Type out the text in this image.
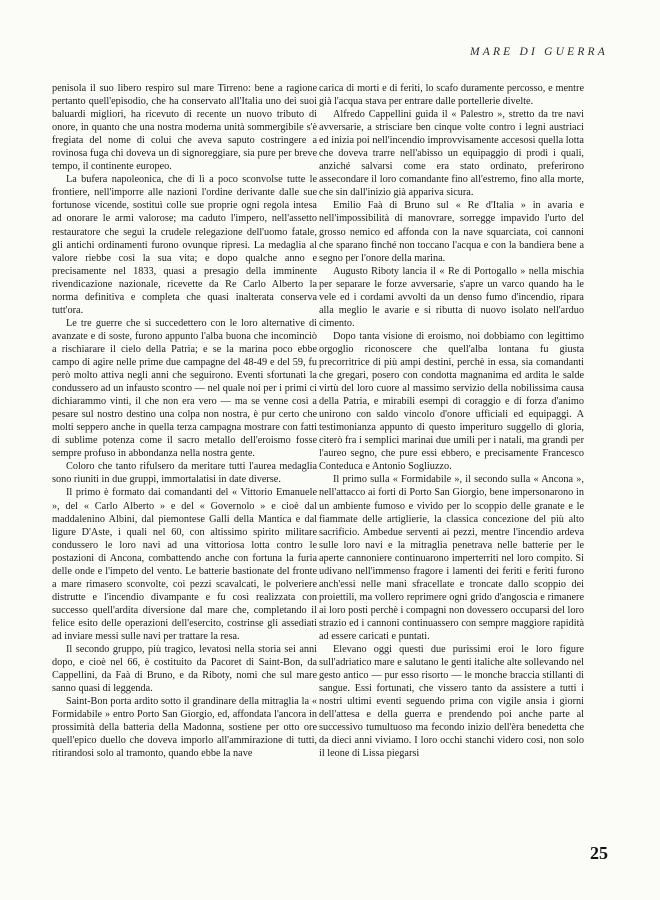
MARE DI GUERRA

penisola il suo libero respiro sul mare Tirreno: bene a ragione pertanto quell'episodio, che ha conservato all'Italia uno dei suoi baluardi migliori, ha ricevuto di recente un nuovo tributo di onore, in quanto che una nostra moderna unità sommergibile s'è fregiata del nome di colui che aveva saputo costringere a rovinosa fuga chi doveva un dì signoreggiare, sia pure per breve tempo, il continente europeo.

La bufera napoleonica, che di lì a poco sconvolse tutte le frontiere, nell'imporre alle nazioni l'ordine derivante dalle sue fortunose vicende, sostituì colle sue proprie ogni regola intesa ad onorare le armi valorose; ma caduto l'impero, nell'assetto restauratore che seguì la crudele relegazione dell'uomo fatale, gli antichi ordinamenti furono ovunque ripresi. La medaglia al valore riebbe così la sua vita; e dopo qualche anno e precisamente nel 1833, quasi a presagio della imminente rivendicazione nazionale, ricevette da Re Carlo Alberto la norma definitiva e completa che quasi inalterata conserva tutt'ora.

Le tre guerre che si succedettero con le loro alternative di avanzate e di soste, furono appunto l'alba buona che incominciò a rischiarare il cielo della Patria; e se la marina poco ebbe campo di agire nelle prime due campagne del 48-49 e del 59, fu però molto attiva negli anni che seguirono. Eventi sfortunati la condussero ad un infausto scontro — nel quale noi per i primi ci dichiarammo vinti, il che non era vero — ma se venne così a pesare sul nostro destino una colpa non nostra, è pur certo che molti seppero anche in quella terza campagna mostrare con fatti di sublime potenza come il sacro metallo dell'eroismo fosse sempre profuso in abbondanza nella nostra gente.

Coloro che tanto rifulsero da meritare tutti l'aurea medaglia sono riuniti in due gruppi, immortalatisi in date diverse.

Il primo è formato dai comandanti del « Vittorio Emanuele », del « Carlo Alberto » e del « Governolo » e cioè dal maddalenino Albini, dal piemontese Galli della Mantica e dal ligure D'Aste, i quali nel 60, con altissimo spirito militare condussero le loro navi ad una vittoriosa lotta contro le postazioni di Ancona, combattendo anche con fortuna la furia delle onde e l'impeto del vento. Le batterie bastionate del fronte a mare rimasero sconvolte, coi pezzi scavalcati, le polveriere distrutte e l'incendio divampante e fu così realizzata con successo quell'ardita diversione dal mare che, completando il felice esito delle operazioni dell'esercito, costrinse gli assediati ad inviare messi sulle navi per trattare la resa.

Il secondo gruppo, più tragico, levatosi nella storia sei anni dopo, e cioè nel 66, è costituito da Pacoret di Saint-Bon, da Cappellini, da Faà di Bruno, e da Riboty, nomi che sul mare sanno quasi di leggenda.

Saint-Bon porta ardito sotto il grandinare della mitraglia la « Formidabile » entro Porto San Giorgio, ed, affondata l'ancora in prossimità della batteria della Madonna, sostiene per otto ore quell'epico duello che doveva imporlo all'ammirazione di tutti, ritirandosi solo al tramonto, quando ebbe la nave

carica di morti e di feriti, lo scafo duramente percosso, e mentre già l'acqua stava per entrare dalle portellerie divelte.

Alfredo Cappellini guida il « Palestro », stretto da tre navi avversarie, a strisciare ben cinque volte contro i legni austriaci ed inizia poi nell'incendio improvvisamente accesosi quella lotta che doveva trarre nell'abisso un equipaggio di prodi i quali, anziché salvarsi come era stato ordinato, preferirono assecondare il loro comandante fino all'estremo, fino alla morte, che sin dall'inizio già appariva sicura.

Emilio Faà di Bruno sul « Re d'Italia » in avaria e nell'impossibilità di manovrare, sorregge impavido l'urto del grosso nemico ed affonda con la nave squarciata, coi cannoni che sparano finché non toccano l'acqua e con la bandiera bene a segno per l'onore della marina.

Augusto Riboty lancia il « Re di Portogallo » nella mischia per separare le forze avversarie, s'apre un varco quando ha le vele ed i cordami avvolti da un denso fumo d'incendio, ripara alla meglio le avarie e si ributta di nuovo isolato nell'arduo cimento.

Dopo tanta visione di eroismo, noi dobbiamo con legittimo orgoglio riconoscere che quell'alba lontana fu giusta precorritrice di più ampi destini, perchè in essa, sia comandanti che gregari, posero con condotta magnanima ed ardita le salde virtù del loro cuore al massimo servizio della nobilissima causa della Patria, e mirabili esempi di coraggio e di forza d'animo unirono con saldo vincolo d'onore ufficiali ed equipaggi. A testimonianza appunto di questo imperituro suggello di gloria, citerò fra i semplici marinai due umili per i natali, ma grandi per l'aureo segno, che pure essi ebbero, e precisamente Francesco Conteduca e Antonio Sogliuzzo.

Il primo sulla « Formidabile », il secondo sulla « Ancona », nell'attacco ai forti di Porto San Giorgio, bene impersonarono in un ambiente fumoso e vivido per lo scoppio delle granate e le fiammate delle artiglierie, la classica concezione del più alto sacrificio. Ambedue serventi ai pezzi, mentre l'incendio ardeva sulle loro navi e la mitraglia penetrava nelle batterie per le aperte cannoniere continuarono imperterriti nel loro compito. Si udivano nell'immenso fragore i lamenti dei feriti e feriti furono anch'essi nelle mani sfracellate e troncate dallo scoppio dei proiettili, ma vollero reprimere ogni grido d'angoscia e rimanere ai loro posti perchè i compagni non dovessero occuparsi del loro strazio ed i cannoni continuassero con sempre maggiore rapidità ad essere caricati e puntati.

Elevano oggi questi due purissimi eroi le loro figure sull'adriatico mare e salutano le genti italiche alte sollevando nel gesto antico — pur esso risorto — le monche braccia stillanti di sangue. Essi fortunati, che vissero tanto da assistere a tutti i nostri ultimi eventi seguendo prima con vigile ansia i giorni dell'attesa e della guerra e prendendo poi anche parte al successivo tumultuoso ma fecondo inizio dell'èra benedetta che da dieci anni viviamo. I loro occhi stanchi videro così, non solo il leone di Lissa piegarsi

25
